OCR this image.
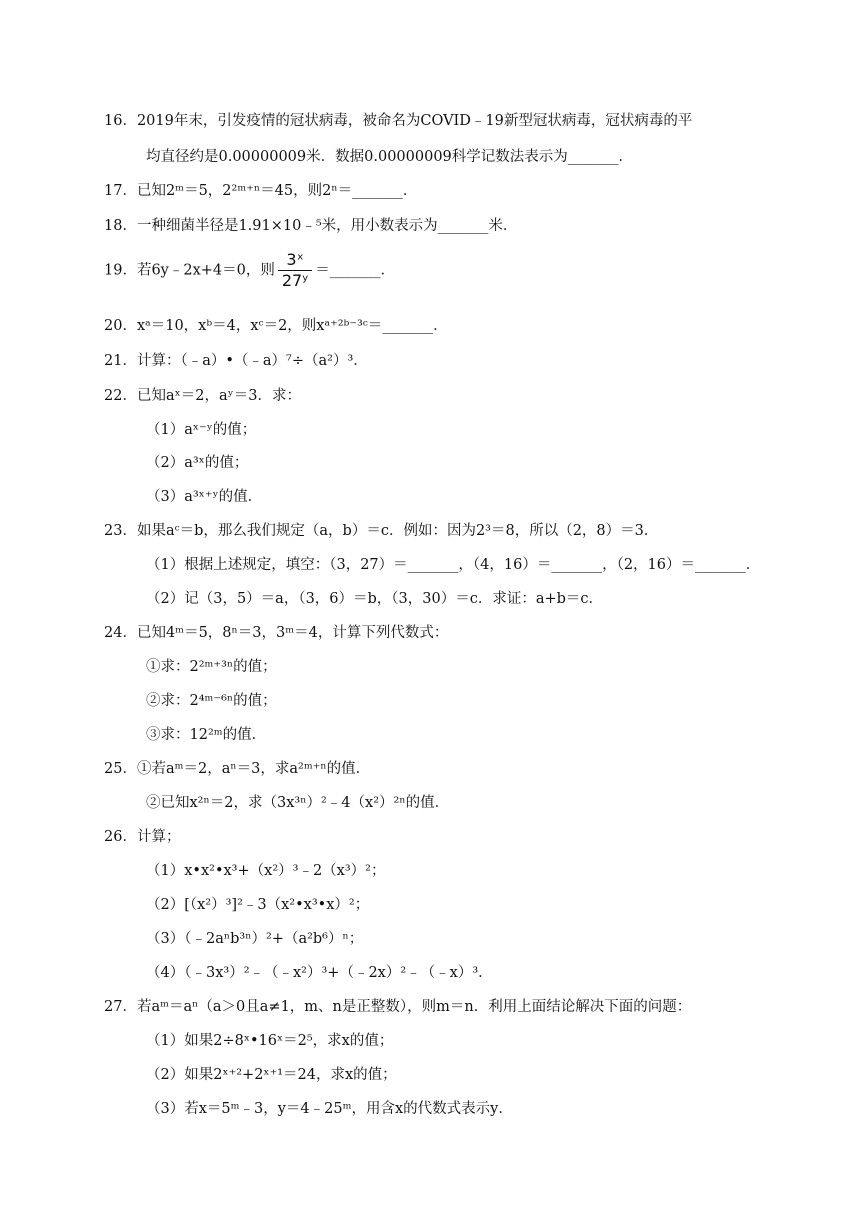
16．2019年末，引发疫情的冠状病毒，被命名为COVID﹣19新型冠状病毒，冠状病毒的平
均直径约是0.00000009米．数据0.00000009科学记数法表示为_______．
17．已知2ᵐ＝5，2²ᵐ⁺ⁿ＝45，则2ⁿ＝_______．
18．一种细菌半径是1.91×10﹣⁵米，用小数表示为_______米．
19．若6y﹣2x+4＝0，则 $\frac{\text{3ˣ}}{\text{27ʸ}}$ ＝_______．
20．xᵃ＝10，xᵇ＝4，xᶜ＝2，则xᵃ⁺²ᵇ⁻³ᶜ＝_______．
21．计算：（﹣a）•（﹣a）⁷÷（a²）³．
22．已知aˣ＝2，aʸ＝3．求：
（1）aˣ⁻ʸ的值；
（2）a³ˣ的值；
（3）a³ˣ⁺ʸ的值．
23．如果aᶜ＝b，那么我们规定（a，b）＝c．例如：因为2³＝8，所以（2，8）＝3．
（1）根据上述规定，填空：（3，27）＝_______，（4，16）＝_______，（2，16）＝_______．
（2）记（3，5）＝a，（3，6）＝b，（3，30）＝c．求证：a+b＝c．
24．已知4ᵐ＝5，8ⁿ＝3，3ᵐ＝4，计算下列代数式：
①求：2²ᵐ⁺³ⁿ的值；
②求：2⁴ᵐ⁻⁶ⁿ的值；
③求：12²ᵐ的值．
25．①若aᵐ＝2，aⁿ＝3，求a²ᵐ⁺ⁿ的值．
②已知x²ⁿ＝2，求（3x³ⁿ）²﹣4（x²）²ⁿ的值．
26．计算；
（1）x•x²•x³+（x²）³﹣2（x³）²；
（2）[（x²）³]²﹣3（x²•x³•x）²；
（3）（﹣2aⁿb³ⁿ）²+（a²b⁶）ⁿ；
（4）（﹣3x³）²﹣（﹣x²）³+（﹣2x）²﹣（﹣x）³．
27．若aᵐ＝aⁿ（a＞0且a≠1，m、n是正整数），则m＝n．利用上面结论解决下面的问题：
（1）如果2÷8ˣ•16ˣ＝2⁵，求x的值；
（2）如果2ˣ⁺²+2ˣ⁺¹＝24，求x的值；
（3）若x＝5ᵐ﹣3，y＝4﹣25ᵐ，用含x的代数式表示y．
